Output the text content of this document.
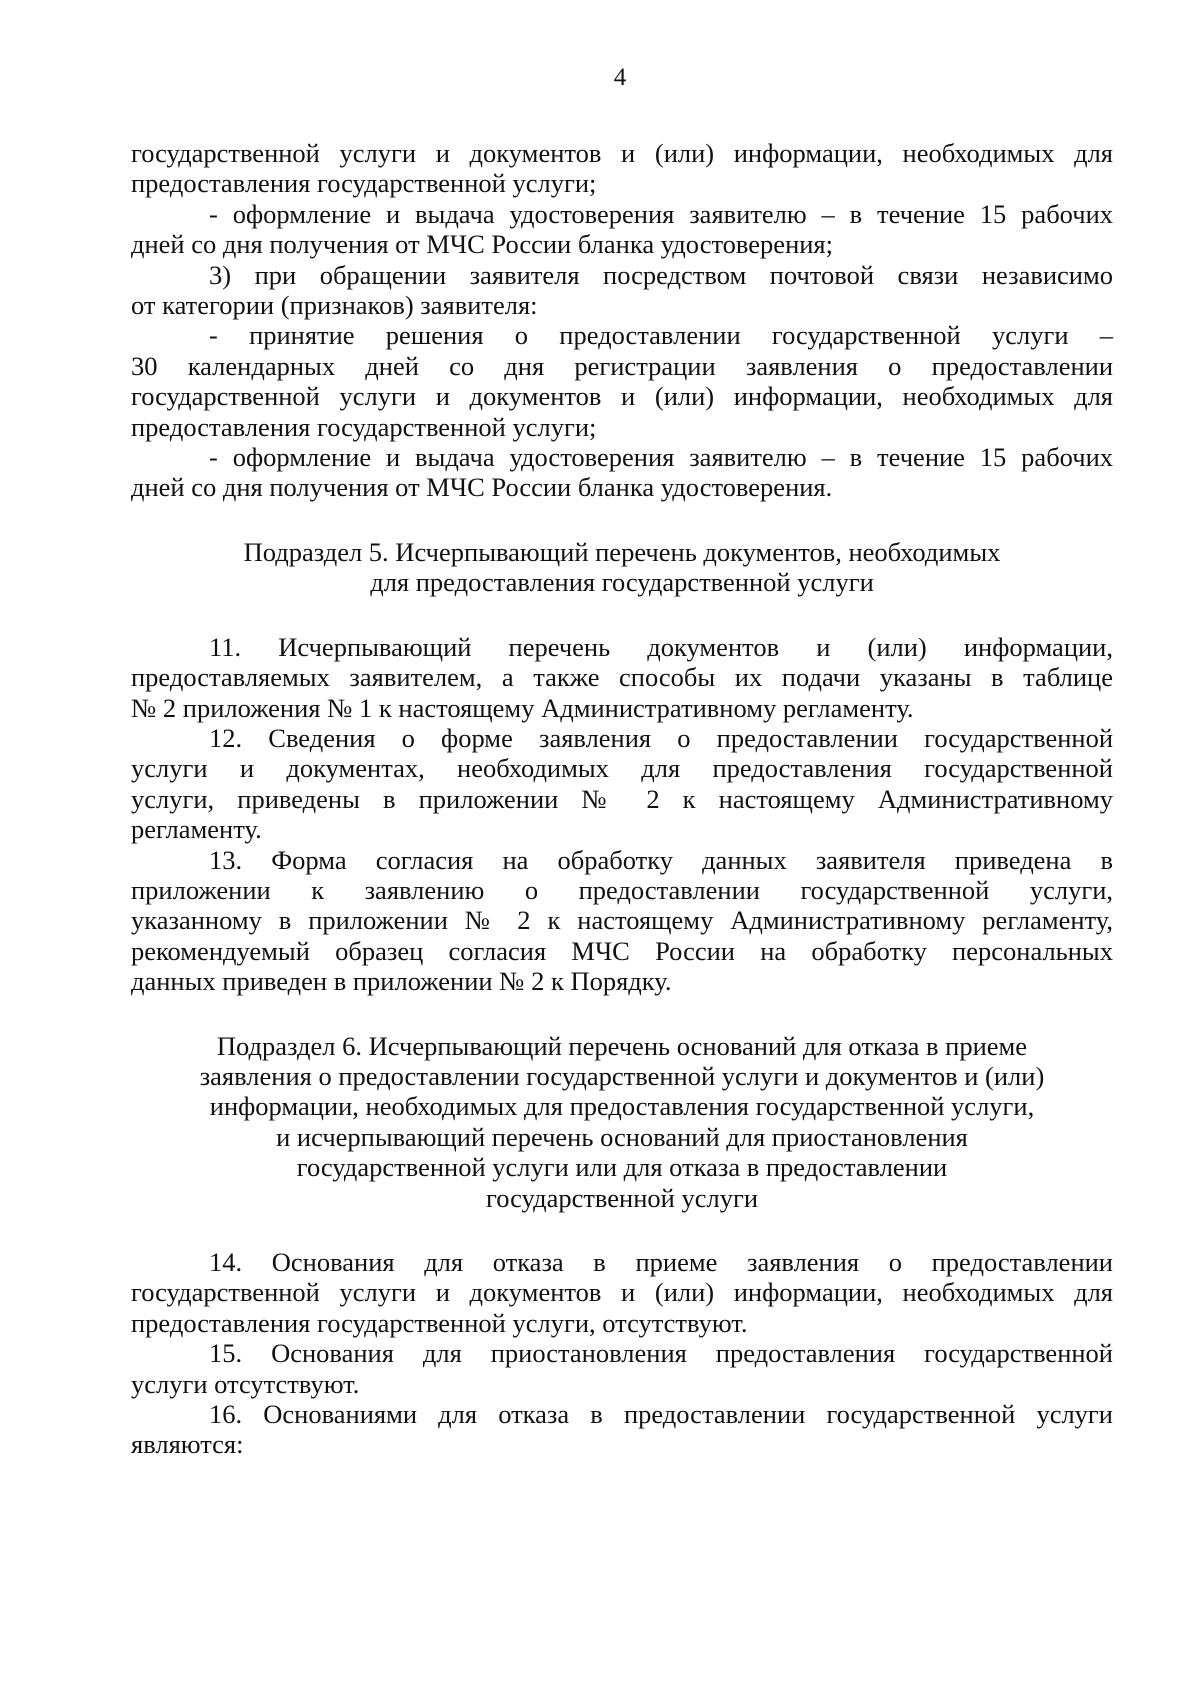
4
государственной услуги и документов и (или) информации, необходимых для
предоставления государственной услуги;
- оформление и выдача удостоверения заявителю – в течение 15 рабочих
дней со дня получения от МЧС России бланка удостоверения;
3) при обращении заявителя посредством почтовой связи независимо
от категории (признаков) заявителя:
- принятие решения о предоставлении государственной услуги –
30 календарных дней со дня регистрации заявления о предоставлении
государственной услуги и документов и (или) информации, необходимых для
предоставления государственной услуги;
- оформление и выдача удостоверения заявителю – в течение 15 рабочих
дней со дня получения от МЧС России бланка удостоверения.
Подраздел 5. Исчерпывающий перечень документов, необходимых
для предоставления государственной услуги
11. Исчерпывающий перечень документов и (или) информации,
предоставляемых заявителем, а также способы их подачи указаны в таблице
№ 2 приложения № 1 к настоящему Административному регламенту.
12. Сведения о форме заявления о предоставлении государственной
услуги и документах, необходимых для предоставления государственной
услуги, приведены в приложении № 2 к настоящему Административному
регламенту.
13. Форма согласия на обработку данных заявителя приведена в
приложении к заявлению о предоставлении государственной услуги,
указанному в приложении № 2 к настоящему Административному регламенту,
рекомендуемый образец согласия МЧС России на обработку персональных
данных приведен в приложении № 2 к Порядку.
Подраздел 6. Исчерпывающий перечень оснований для отказа в приеме
заявления о предоставлении государственной услуги и документов и (или)
информации, необходимых для предоставления государственной услуги,
и исчерпывающий перечень оснований для приостановления
государственной услуги или для отказа в предоставлении
государственной услуги
14. Основания для отказа в приеме заявления о предоставлении
государственной услуги и документов и (или) информации, необходимых для
предоставления государственной услуги, отсутствуют.
15. Основания для приостановления предоставления государственной
услуги отсутствуют.
16. Основаниями для отказа в предоставлении государственной услуги
являются:
